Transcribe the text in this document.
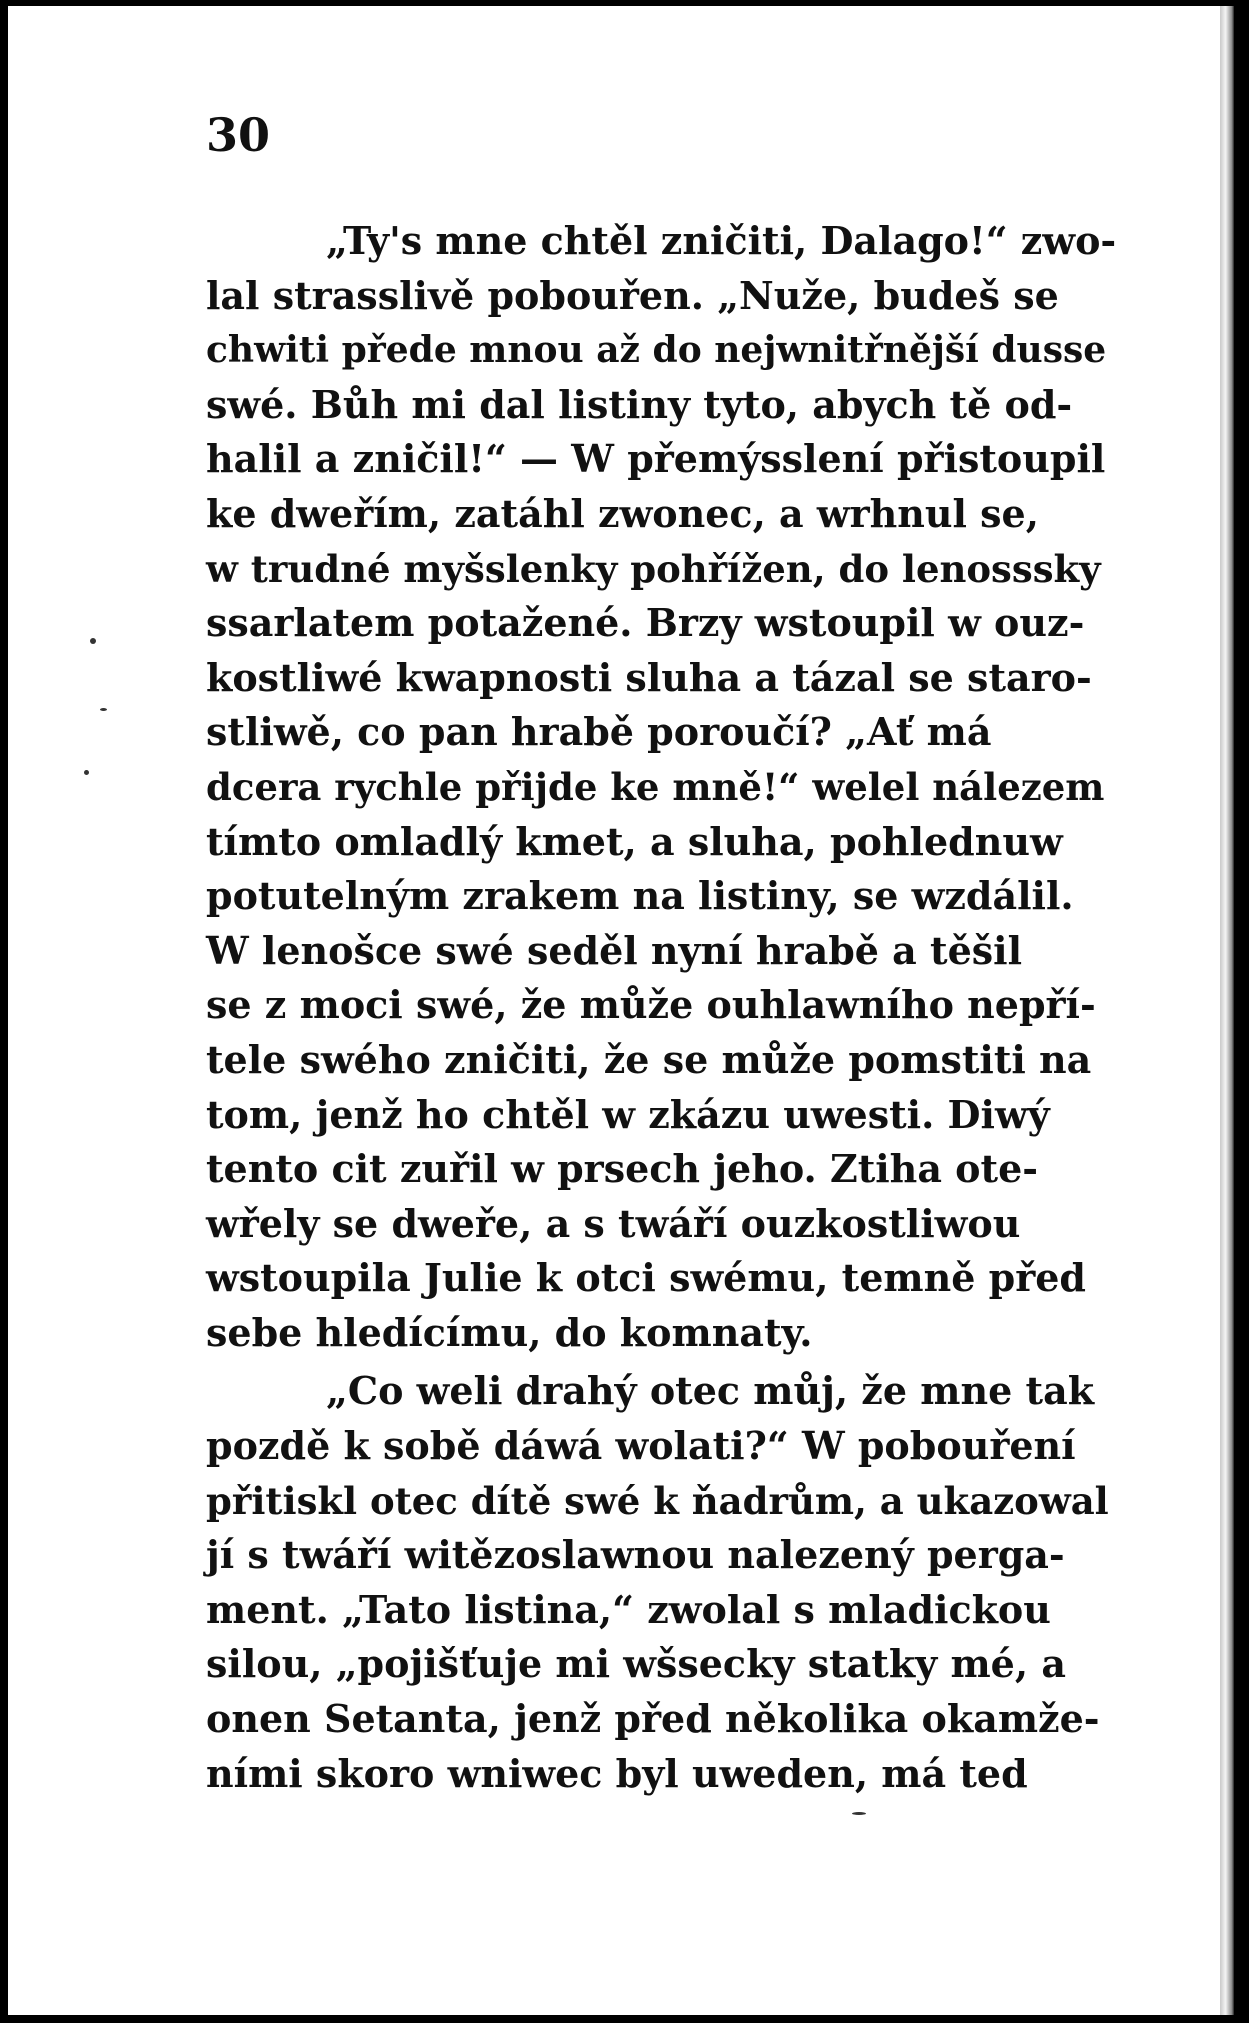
30
„Ty's mne chtěl zničiti, Dalago!“ zwo-
lal strasslivě pobouřen. „Nuže, budeš se
chwiti přede mnou až do nejwnitřnější dusse
swé. Bůh mi dal listiny tyto, abych tě od-
halil a zničil!“ — W přemýsslení přistoupil
ke dweřím, zatáhl zwonec, a wrhnul se,
w trudné myšslenky pohřížen, do lenosssky
ssarlatem potažené. Brzy wstoupil w ouz-
kostliwé kwapnosti sluha a tázal se staro-
stliwě, co pan hrabě poroučí? „Ať má
dcera rychle přijde ke mně!“ welel nálezem
tímto omladlý kmet, a sluha, pohlednuw
potutelným zrakem na listiny, se wzdálil.
W lenošce swé seděl nyní hrabě a těšil
se z moci swé, že může ouhlawního nepří-
tele swého zničiti, že se může pomstiti na
tom, jenž ho chtěl w zkázu uwesti. Diwý
tento cit zuřil w prsech jeho. Ztiha ote-
wřely se dweře, a s twáří ouzkostliwou
wstoupila Julie k otci swému, temně před
sebe hledícímu, do komnaty.
„Co weli drahý otec můj, že mne tak
pozdě k sobě dáwá wolati?“ W pobouření
přitiskl otec dítě swé k ňadrům, a ukazowal
jí s twáří witězoslawnou nalezený perga-
ment. „Tato listina,“ zwolal s mladickou
silou, „pojišťuje mi wšsecky statky mé, a
onen Setanta, jenž před několika okamže-
ními skoro wniwec byl uweden, má ted
